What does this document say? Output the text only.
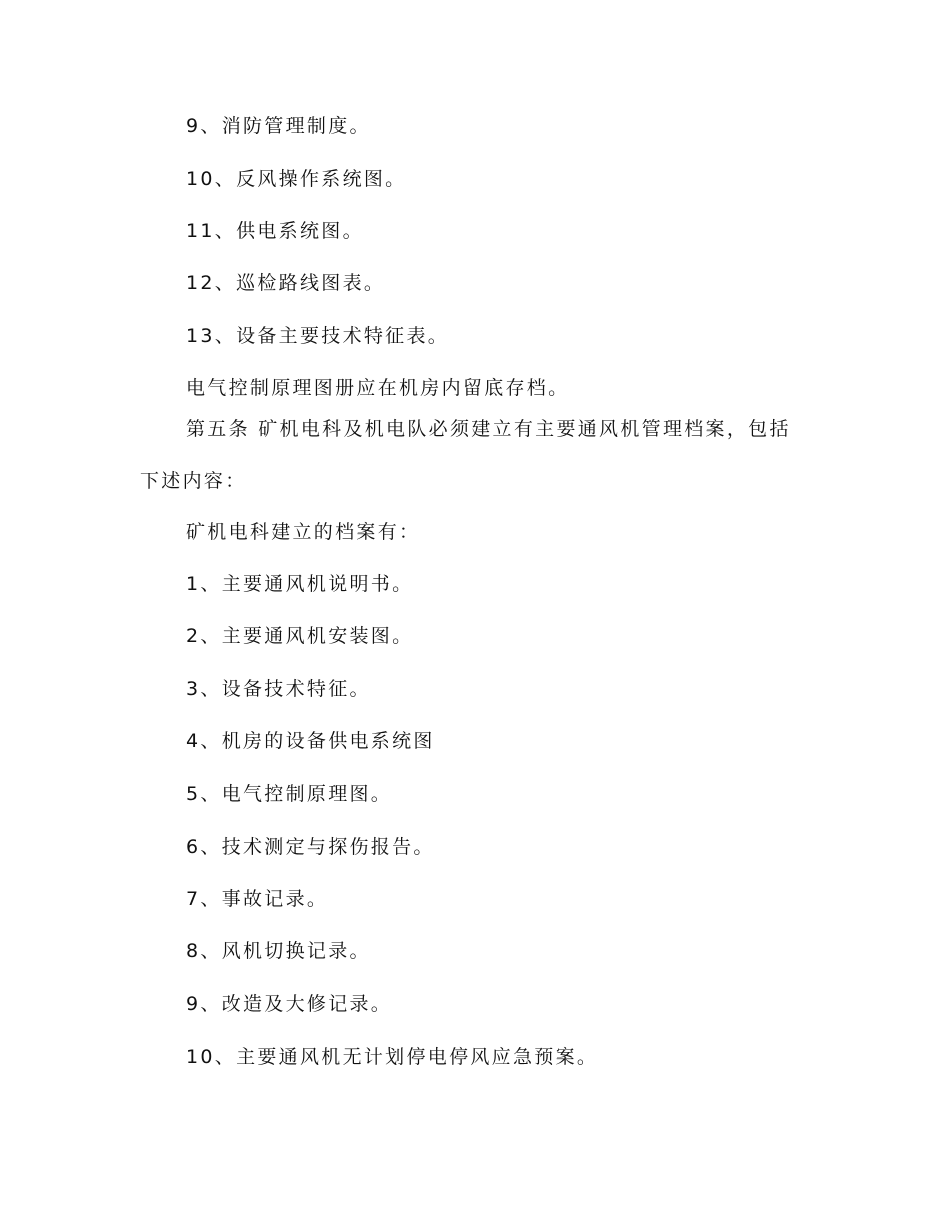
9、消防管理制度。
10、反风操作系统图。
11、供电系统图。
12、巡检路线图表。
13、设备主要技术特征表。
电气控制原理图册应在机房内留底存档。
第五条 矿机电科及机电队必须建立有主要通风机管理档案，包括下述内容：
矿机电科建立的档案有：
1、主要通风机说明书。
2、主要通风机安装图。
3、设备技术特征。
4、机房的设备供电系统图
5、电气控制原理图。
6、技术测定与探伤报告。
7、事故记录。
8、风机切换记录。
9、改造及大修记录。
10、主要通风机无计划停电停风应急预案。
